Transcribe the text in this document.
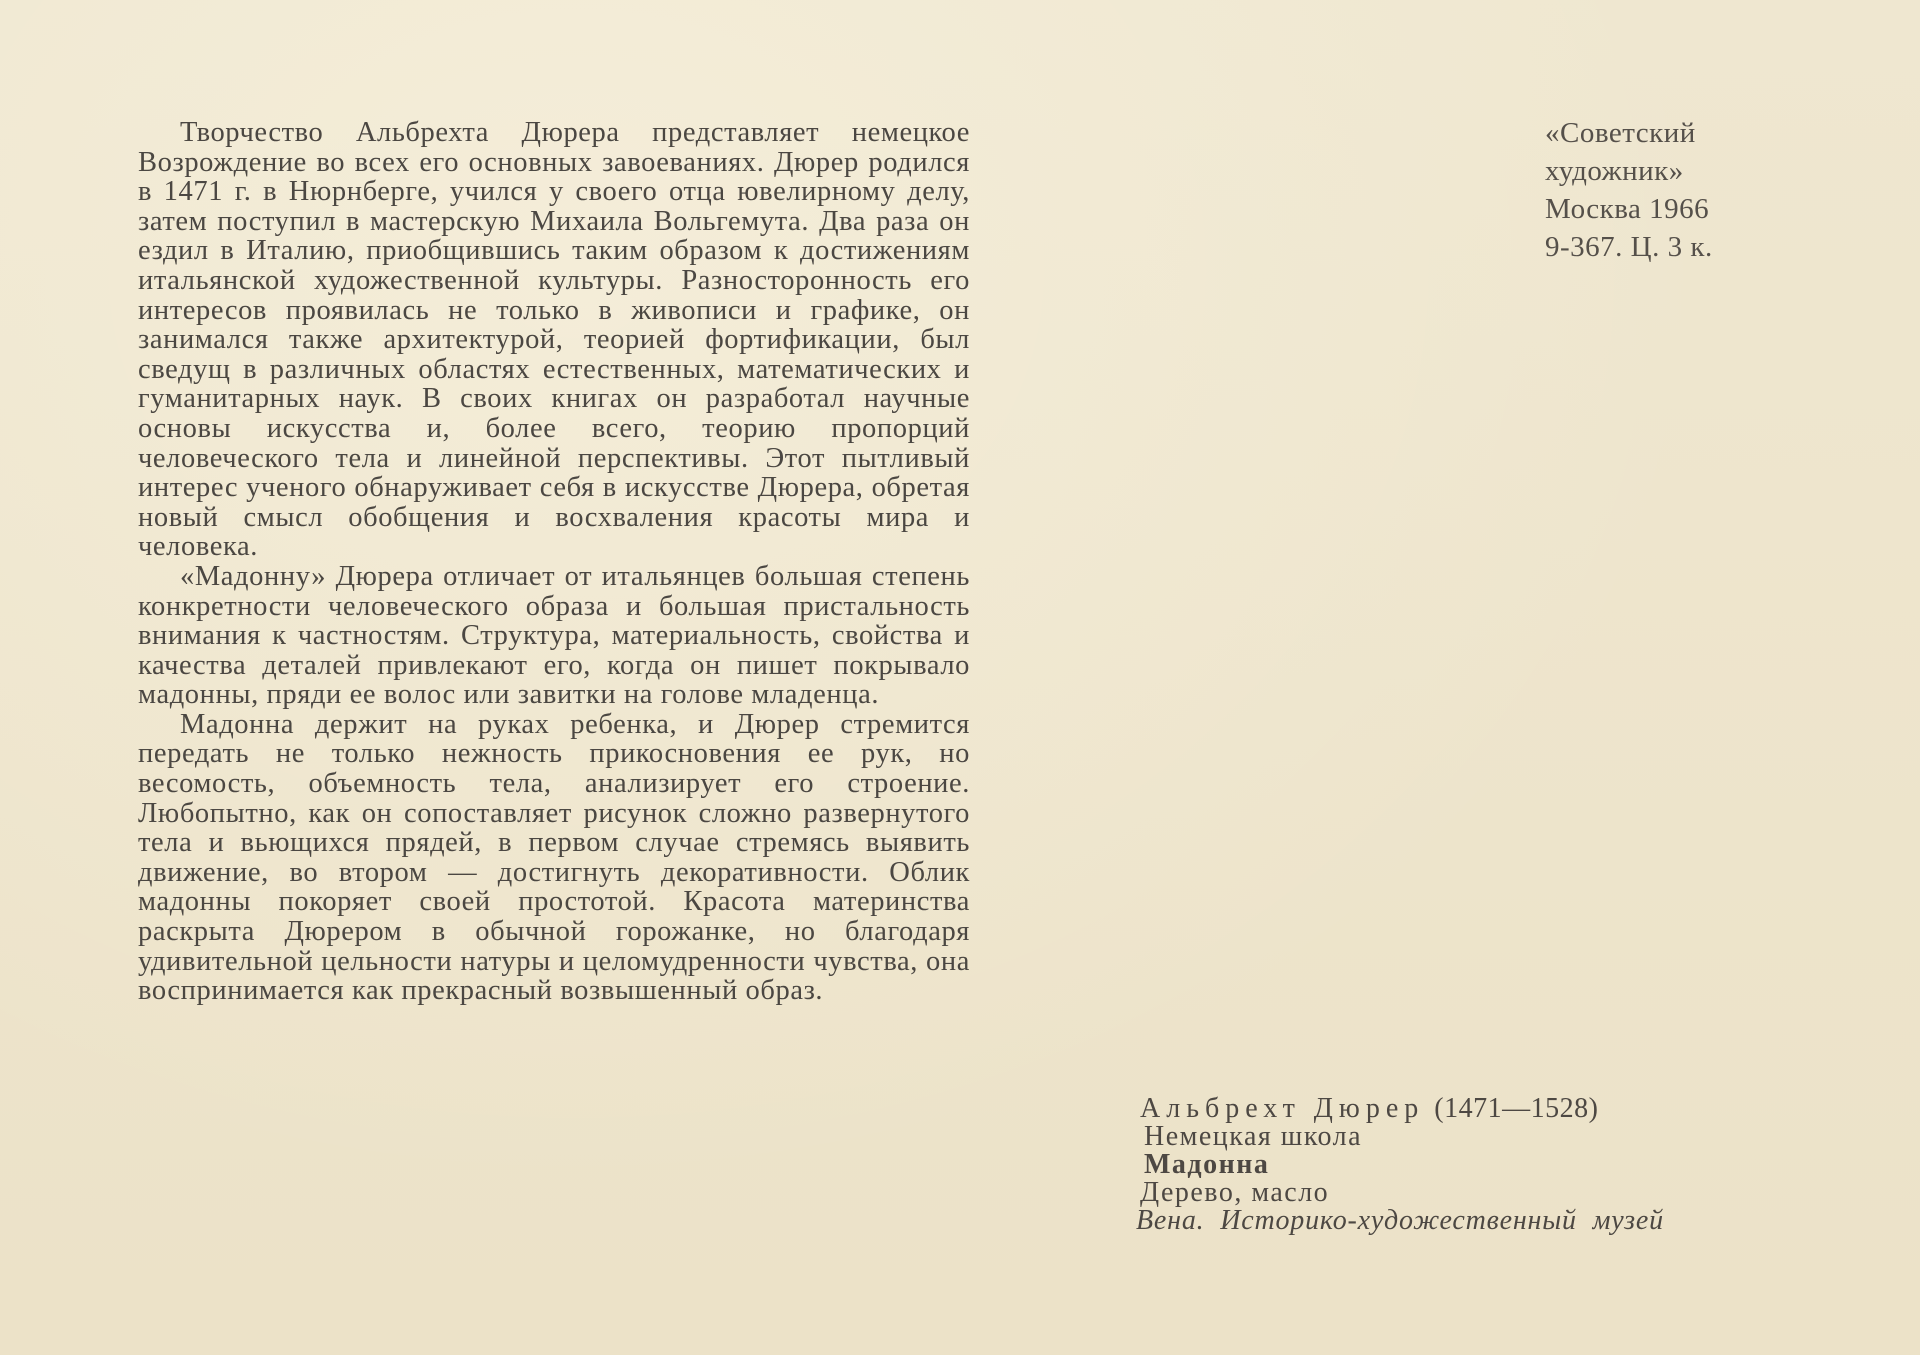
Творчество Альбрехта Дюрера представляет немецкое Возрождение во всех его основных завоеваниях. Дюрер родился в 1471 г. в Нюрнберге, учился у своего отца ювелирному делу, затем поступил в мастерскую Михаила Вольгемута. Два раза он ездил в Италию, приобщившись таким образом к достижениям итальянской художественной культуры. Разносторонность его интересов проявилась не только в живописи и графике, он занимался также архитектурой, теорией фортификации, был сведущ в различных областях естественных, математических и гуманитарных наук. В своих книгах он разработал научные основы искусства и, более всего, теорию пропорций человеческого тела и линейной перспективы. Этот пытливый интерес ученого обнаруживает себя в искусстве Дюрера, обретая новый смысл обобщения и восхваления красоты мира и человека.

«Мадонну» Дюрера отличает от итальянцев большая степень конкретности человеческого образа и большая пристальность внимания к частностям. Структура, материальность, свойства и качества деталей привлекают его, когда он пишет покрывало мадонны, пряди ее волос или завитки на голове младенца.

Мадонна держит на руках ребенка, и Дюрер стремится передать не только нежность прикосновения ее рук, но весомость, объемность тела, анализирует его строение. Любопытно, как он сопоставляет рисунок сложно развернутого тела и вьющихся прядей, в первом случае стремясь выявить движение, во втором — достигнуть декоративности. Облик мадонны покоряет своей простотой. Красота материнства раскрыта Дюрером в обычной горожанке, но благодаря удивительной цельности натуры и целомудренности чувства, она воспринимается как прекрасный возвышенный образ.

«Советский
художник»
Москва 1966
9-367. Ц. 3 к.
Альбрехт Дюрер (1471—1528)
Немецкая школа
Мадонна
Дерево, масло
Вена. Историко-художественный музей
